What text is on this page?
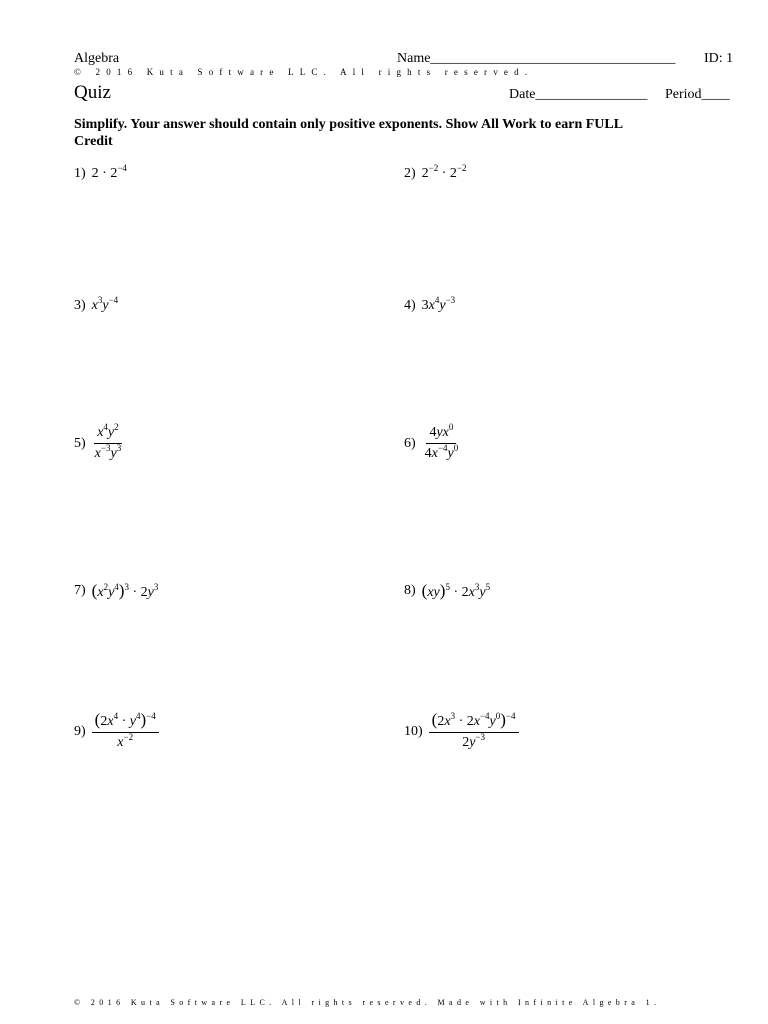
Algebra	Name___________________________________ ID: 1
© 2016 Kuta Software LLC. All rights reserved.
Quiz	Date________________ Period____
Simplify. Your answer should contain only positive exponents. Show All Work to earn FULL
Credit
1) $2 \cdot 2^{-4}$	2) $2^{-2} \cdot 2^{-2}$
3) $x^3y^{-4}$	4) $3x^4y^{-3}$
$5) \frac{x^4y^2}{x^{-3}y^3}$	$6) \frac{4yx^0}{4x^{-4}y^0}$
7) $(x^2y^4)^3 \cdot 2y^3$	8) $(xy)^5 \cdot 2x^3y^5$
$9) \frac{(2x^4 \cdot y^4)^{-4}}{x^{-2}}$	$10) \frac{(2x^3 \cdot 2x^{-4}y^0)^{-4}}{2y^{-3}}$
© 2016 Kuta Software LLC. All rights reserved. Made with Infinite Algebra 1.
